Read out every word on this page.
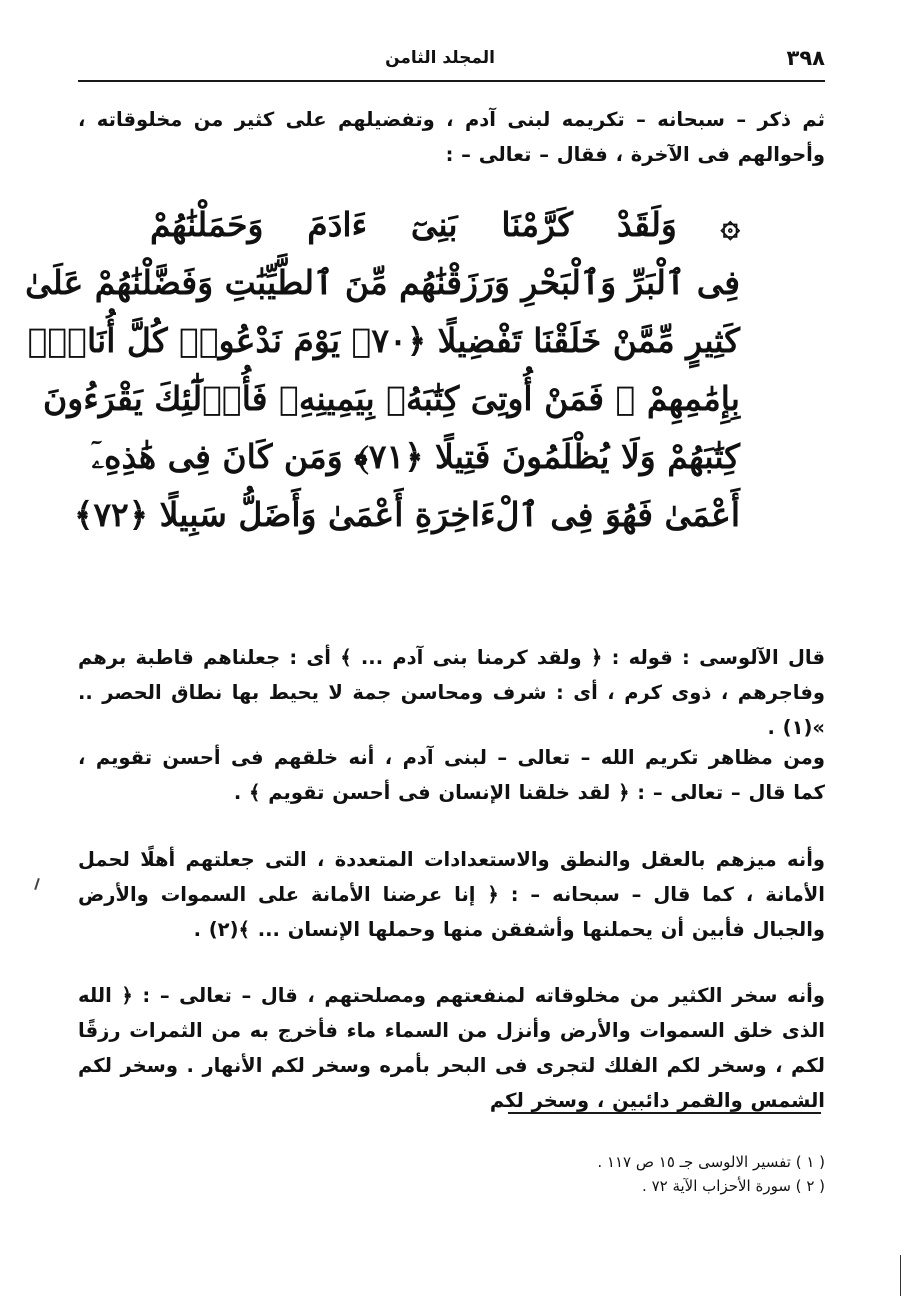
٣٩٨
المجلد الثامن
ثم ذكر – سبحانه – تكريمه لبنى آدم ، وتفضيلهم على كثير من مخلوقاته ، وأحوالهم فى الآخرة ، فقال – تعالى – :
۞ وَلَقَدْ كَرَّمْنَا بَنِىٓ ءَادَمَ وَحَمَلْنَٰهُمْ
فِى ٱلْبَرِّ وَٱلْبَحْرِ وَرَزَقْنَٰهُم مِّنَ ٱلطَّيِّبَٰتِ وَفَضَّلْنَٰهُمْ عَلَىٰ
كَثِيرٍ مِّمَّنْ خَلَقْنَا تَفْضِيلًا ﴿٧٠﴾ يَوْمَ نَدْعُوا۟ كُلَّ أُنَاسٍۭ
بِإِمَٰمِهِمْ ۖ فَمَنْ أُوتِىَ كِتَٰبَهُۥ بِيَمِينِهِۦ فَأُو۟لَٰٓئِكَ يَقْرَءُونَ
كِتَٰبَهُمْ وَلَا يُظْلَمُونَ فَتِيلًا ﴿٧١﴾ وَمَن كَانَ فِى هَٰذِهِۦٓ
أَعْمَىٰ فَهُوَ فِى ٱلْءَاخِرَةِ أَعْمَىٰ وَأَضَلُّ سَبِيلًا ﴿٧٢﴾
قال الآلوسى : قوله : ﴿ ولقد كرمنا بنى آدم ... ﴾ أى : جعلناهم قاطبة برهم وفاجرهم ، ذوى كرم ، أى : شرف ومحاسن جمة لا يحيط بها نطاق الحصر .. »(١) .
ومن مظاهر تكريم الله – تعالى – لبنى آدم ، أنه خلقهم فى أحسن تقويم ، كما قال – تعالى – : ﴿ لقد خلقنا الإنسان فى أحسن تقويم ﴾ .
وأنه ميزهم بالعقل والنطق والاستعدادات المتعددة ، التى جعلتهم أهلًا لحمل الأمانة ، كما قال – سبحانه – : ﴿ إنا عرضنا الأمانة على السموات والأرض والجبال فأبين أن يحملنها وأشفقن منها وحملها الإنسان ... ﴾(٢) .
وأنه سخر الكثير من مخلوقاته لمنفعتهم ومصلحتهم ، قال – تعالى – : ﴿ الله الذى خلق السموات والأرض وأنزل من السماء ماء فأخرج به من الثمرات رزقًا لكم ، وسخر لكم الفلك لتجرى فى البحر بأمره وسخر لكم الأنهار . وسخر لكم الشمس والقمر دائبين ، وسخر لكم
( ١ ) تفسير الالوسى جـ ١٥ ص ١١٧ .
( ٢ ) سورة الأحزاب الآية ٧٢ .
